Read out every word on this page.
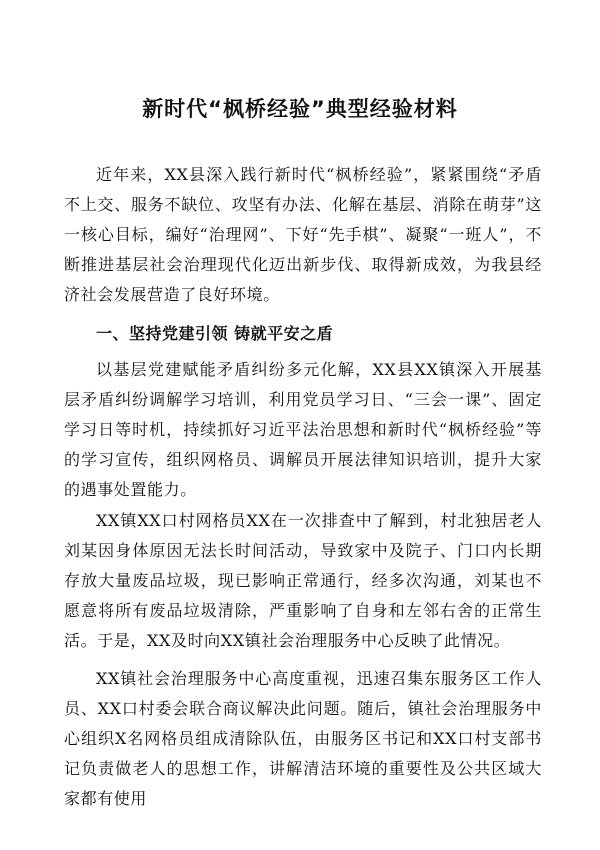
新时代“枫桥经验”典型经验材料

近年来，XX县深入践行新时代“枫桥经验”，紧紧围绕“矛盾不上交、服务不缺位、攻坚有办法、化解在基层、消除在萌芽”这一核心目标，编好“治理网”、下好“先手棋”、凝聚“一班人”，不断推进基层社会治理现代化迈出新步伐、取得新成效，为我县经济社会发展营造了良好环境。

一、坚持党建引领 铸就平安之盾

以基层党建赋能矛盾纠纷多元化解，XX县XX镇深入开展基层矛盾纠纷调解学习培训，利用党员学习日、“三会一课”、固定学习日等时机，持续抓好习近平法治思想和新时代“枫桥经验”等的学习宣传，组织网格员、调解员开展法律知识培训，提升大家的遇事处置能力。

XX镇XX口村网格员XX在一次排查中了解到，村北独居老人刘某因身体原因无法长时间活动，导致家中及院子、门口内长期存放大量废品垃圾，现已影响正常通行，经多次沟通，刘某也不愿意将所有废品垃圾清除，严重影响了自身和左邻右舍的正常生活。于是，XX及时向XX镇社会治理服务中心反映了此情况。

XX镇社会治理服务中心高度重视，迅速召集东服务区工作人员、XX口村委会联合商议解决此问题。随后，镇社会治理服务中心组织X名网格员组成清除队伍，由服务区书记和XX口村支部书记负责做老人的思想工作，讲解清洁环境的重要性及公共区域大家都有使用
